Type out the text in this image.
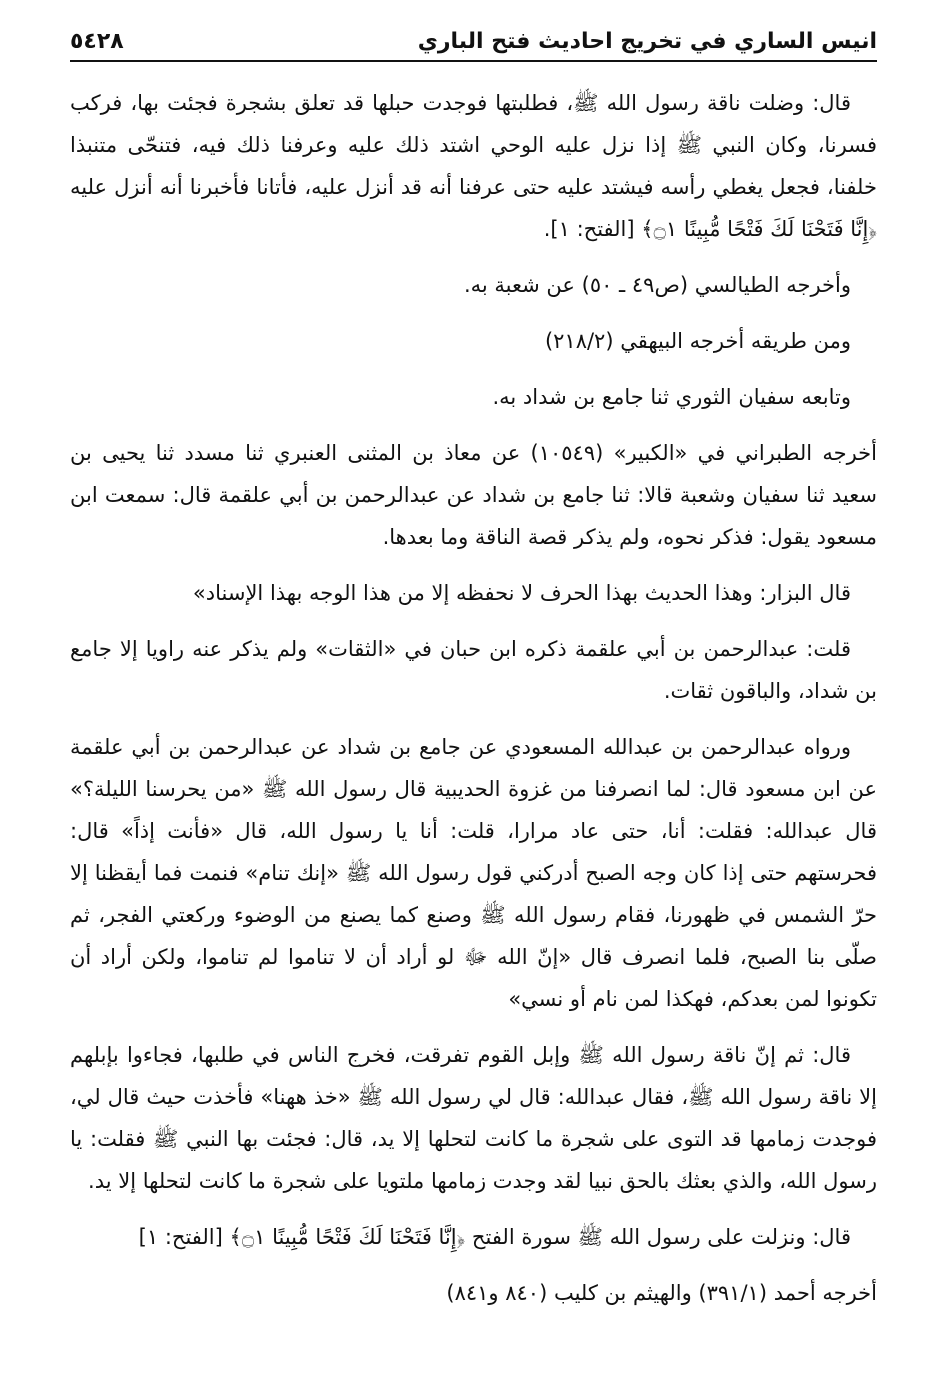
٥٤٢٨	انيس الساري في تخريج احاديث فتح الباري

قال: وضلت ناقة رسول الله ﷺ، فطلبتها فوجدت حبلها قد تعلق بشجرة فجئت بها، فركب فسرنا، وكان النبي ﷺ إذا نزل عليه الوحي اشتد ذلك عليه وعرفنا ذلك فيه، فتنحّى متنبذا خلفنا، فجعل يغطي رأسه فيشتد عليه حتى عرفنا أنه قد أنزل عليه، فأتانا فأخبرنا أنه أنزل عليه ﴿إِنَّا فَتَحْنَا لَكَ فَتْحًا مُّبِينًا ۝١﴾ [الفتح: ١].

وأخرجه الطيالسي (ص٤٩ ـ ٥٠) عن شعبة به.

ومن طريقه أخرجه البيهقي (٢١٨/٢)

وتابعه سفيان الثوري ثنا جامع بن شداد به.

أخرجه الطبراني في «الكبير» (١٠٥٤٩) عن معاذ بن المثنى العنبري ثنا مسدد ثنا يحيى بن سعيد ثنا سفيان وشعبة قالا: ثنا جامع بن شداد عن عبدالرحمن بن أبي علقمة قال: سمعت ابن مسعود يقول: فذكر نحوه، ولم يذكر قصة الناقة وما بعدها.

قال البزار: وهذا الحديث بهذا الحرف لا نحفظه إلا من هذا الوجه بهذا الإسناد»

قلت: عبدالرحمن بن أبي علقمة ذكره ابن حبان في «الثقات» ولم يذكر عنه راويا إلا جامع بن شداد، والباقون ثقات.

ورواه عبدالرحمن بن عبدالله المسعودي عن جامع بن شداد عن عبدالرحمن بن أبي علقمة عن ابن مسعود قال: لما انصرفنا من غزوة الحديبية قال رسول الله ﷺ «من يحرسنا الليلة؟» قال عبدالله: فقلت: أنا، حتى عاد مرارا، قلت: أنا يا رسول الله، قال «فأنت إذاً» قال: فحرستهم حتى إذا كان وجه الصبح أدركني قول رسول الله ﷺ «إنك تنام» فنمت فما أيقظنا إلا حرّ الشمس في ظهورنا، فقام رسول الله ﷺ وصنع كما يصنع من الوضوء وركعتي الفجر، ثم صلّى بنا الصبح، فلما انصرف قال «إنّ الله ﷻ لو أراد أن لا تناموا لم تناموا، ولكن أراد أن تكونوا لمن بعدكم، فهكذا لمن نام أو نسي»

قال: ثم إنّ ناقة رسول الله ﷺ وإبل القوم تفرقت، فخرج الناس في طلبها، فجاءوا بإبلهم إلا ناقة رسول الله ﷺ، فقال عبدالله: قال لي رسول الله ﷺ «خذ ههنا» فأخذت حيث قال لي، فوجدت زمامها قد التوى على شجرة ما كانت لتحلها إلا يد، قال: فجئت بها النبي ﷺ فقلت: يا رسول الله، والذي بعثك بالحق نبيا لقد وجدت زمامها ملتويا على شجرة ما كانت لتحلها إلا يد.

قال: ونزلت على رسول الله ﷺ سورة الفتح ﴿إِنَّا فَتَحْنَا لَكَ فَتْحًا مُّبِينًا ۝١﴾ [الفتح: ١]

أخرجه أحمد (٣٩١/١) والهيثم بن كليب (٨٤٠ و٨٤١)
